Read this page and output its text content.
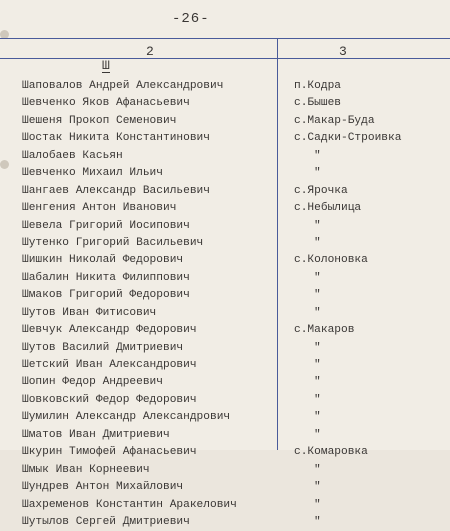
-26-
2	3
Ш
Шаповалов Андрей Александрович	п.Кодра
Шевченко Яков Афанасьевич	с.Бышев
Шешеня Прокоп Семенович	с.Макар-Буда
Шостак Никита Константинович	с.Садки-Строивка
Шалобаев Касьян	"
Шевченко Михаил Ильич	"
Шангаев Александр Васильевич	с.Ярочка
Шенгения Антон Иванович	с.Небылица
Шевела Григорий Иосипович	"
Шутенко Григорий Васильевич	"
Шишкин Николай Федорович	с.Колоновка
Шабалин Никита Филиппович	"
Шмаков Григорий Федорович	"
Шутов Иван Фитисович	"
Шевчук Александр Федорович	с.Макаров
Шутов Василий Дмитриевич	"
Шетский Иван Александрович	"
Шопин Федор Андреевич	"
Шовковский Федор Федорович	"
Шумилин Александр Александрович	"
Шматов Иван Дмитриевич	"
Шкурин Тимофей Афанасьевич	с.Комаровка
Шмык Иван Корнеевич	"
Шундрев Антон Михайлович	"
Шахременов Константин Аракелович	"
Шутылов Сергей Дмитриевич	"
